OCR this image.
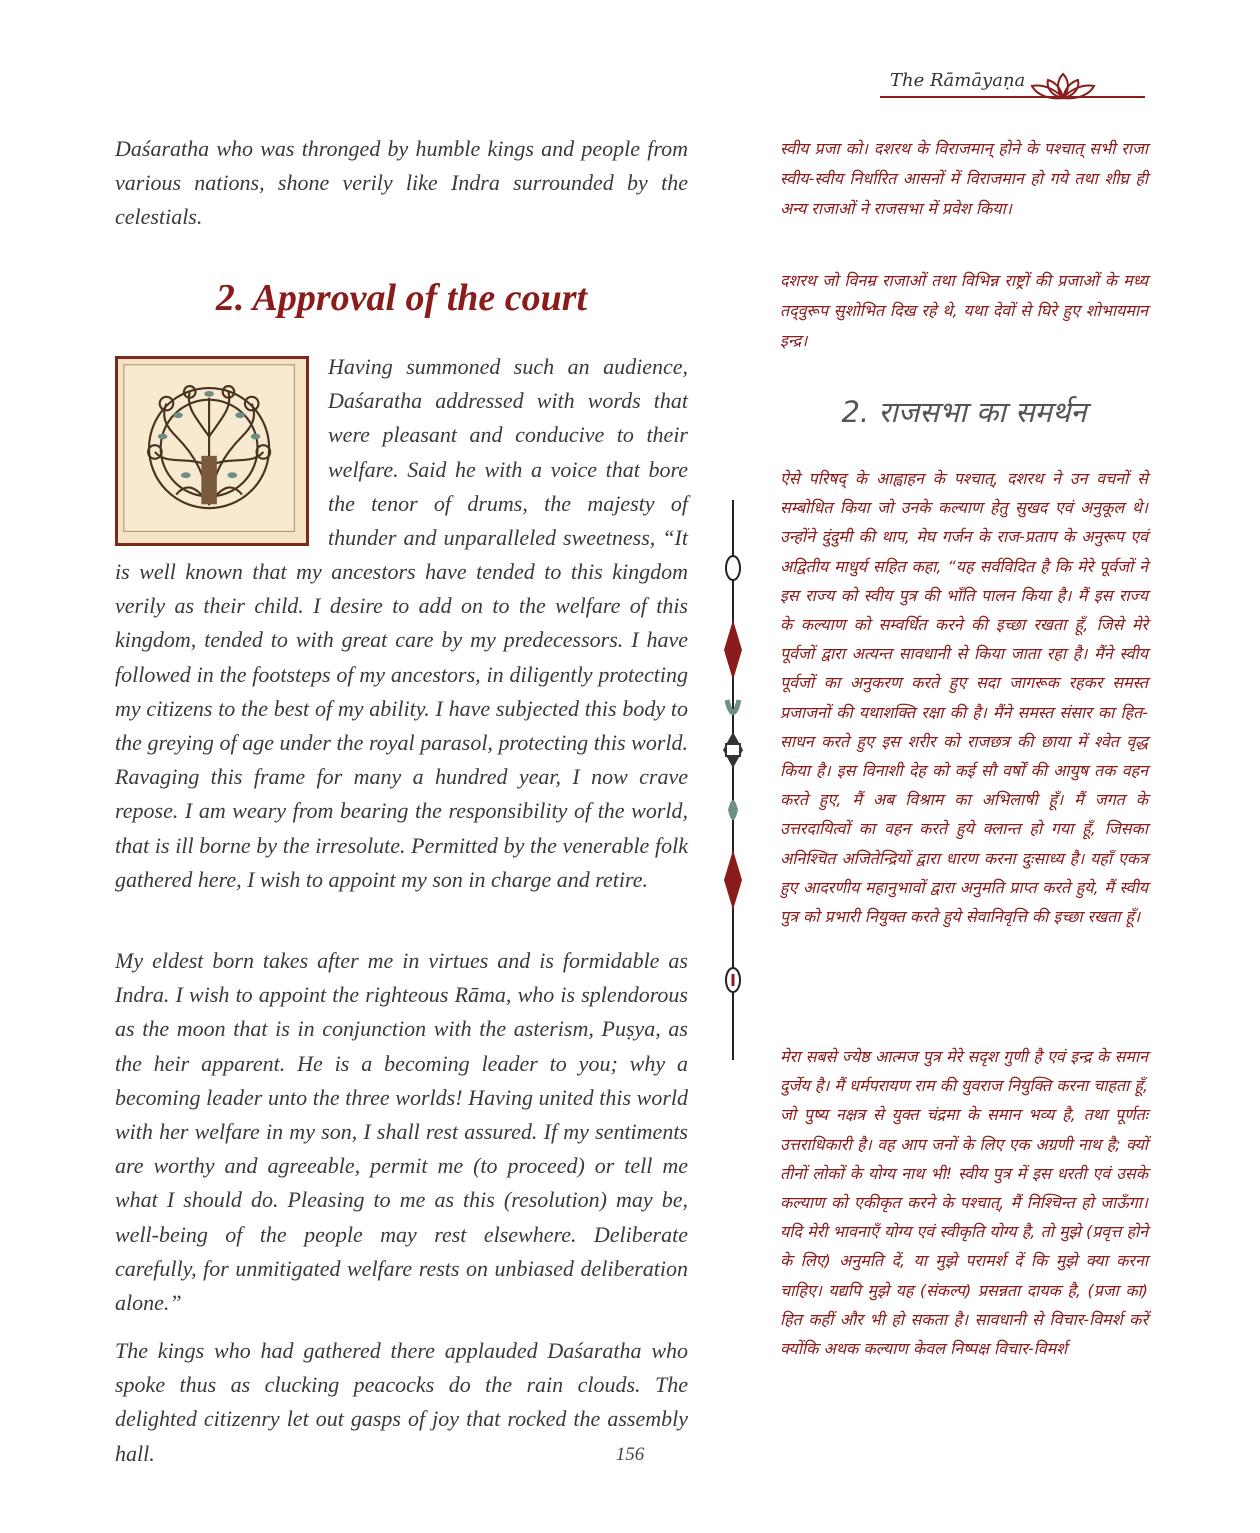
The Rāmāyaṇa

Daśaratha who was thronged by humble kings and people from various nations, shone verily like Indra surrounded by the celestials.

2. Approval of the court
Having summoned such an audience,
Daśaratha addressed with words that
were pleasant and conducive to their
welfare. Said he with a voice that bore
the tenor of drums, the majesty of
thunder and unparalleled sweetness, “It

is well known that my ancestors have tended to this kingdom verily as their child. I desire to add on to the welfare of this kingdom, tended to with great care by my predecessors. I have followed in the footsteps of my ancestors, in diligently protecting my citizens to the best of my ability. I have subjected this body to the greying of age under the royal parasol, protecting this world. Ravaging this frame for many a hundred year, I now crave repose. I am weary from bearing the responsibility of the world, that is ill borne by the irresolute. Permitted by the venerable folk gathered here, I wish to appoint my son in charge and retire.

My eldest born takes after me in virtues and is formidable as Indra. I wish to appoint the righteous Rāma, who is splendorous as the moon that is in conjunction with the asterism, Puṣya, as the heir apparent. He is a becoming leader to you; why a becoming leader unto the three worlds! Having united this world with her welfare in my son, I shall rest assured. If my sentiments are worthy and agreeable, permit me (to proceed) or tell me what I should do. Pleasing to me as this (resolution) may be, well-being of the people may rest elsewhere. Deliberate carefully, for unmitigated welfare rests on unbiased deliberation alone.”

The kings who had gathered there applauded Daśaratha who spoke thus as clucking peacocks do the rain clouds. The delighted citizenry let out gasps of joy that rocked the assembly hall.

स्वीय प्रजा को। दशरथ के विराजमान् होने के पश्चात् सभी राजा स्वीय-स्वीय निर्धारित आसनों में विराजमान हो गये तथा शीघ्र ही अन्य राजाओं ने राजसभा में प्रवेश किया।

दशरथ जो विनम्र राजाओं तथा विभिन्न राष्ट्रों की प्रजाओं के मध्य तद्‌वुरूप सुशोभित दिख रहे थे, यथा देवों से घिरे हुए शोभायमान इन्द्र।

2. राजसभा का समर्थन

ऐसे परिषद् के आह्वाहन के पश्चात्, दशरथ ने उन वचनों से सम्बोधित किया जो उनके कल्याण हेतु सुखद एवं अनुकूल थे। उन्होंने दुंदुमी की थाप, मेघ गर्जन के राज-प्रताप के अनुरूप एवं अद्वितीय माधुर्य सहित कहा, “यह सर्वविदित है कि मेरे पूर्वजों ने इस राज्य को स्वीय पुत्र की भाँति पालन किया है। मैं इस राज्य के कल्याण को सम्वर्धित करने की इच्छा रखता हूँ, जिसे मेरे पूर्वजों द्वारा अत्यन्त सावधानी से किया जाता रहा है। मैंने स्वीय पूर्वजों का अनुकरण करते हुए सदा जागरूक रहकर समस्त प्रजाजनों की यथाशक्ति रक्षा की है। मैंने समस्त संसार का हित-साधन करते हुए इस शरीर को राजछत्र की छाया में श्वेत वृद्ध किया है। इस विनाशी देह को कई सौ वर्षों की आयुष तक वहन करते हुए, मैं अब विश्राम का अभिलाषी हूँ। मैं जगत के उत्तरदायित्वों का वहन करते हुये क्लान्त हो गया हूँ, जिसका अनिश्चित अजितेन्द्रियों द्वारा धारण करना दुःसाध्य है। यहाँ एकत्र हुए आदरणीय महानुभावों द्वारा अनुमति प्राप्त करते हुये, मैं स्वीय पुत्र को प्रभारी नियुक्त करते हुये सेवानिवृत्ति की इच्छा रखता हूँ।

मेरा सबसे ज्येष्ठ आत्मज पुत्र मेरे सदृश गुणी है एवं इन्द्र के समान दुर्जेय है। मैं धर्मपरायण राम की युवराज नियुक्ति करना चाहता हूँ, जो पुष्य नक्षत्र से युक्त चंद्रमा के समान भव्य है, तथा पूर्णतः उत्तराधिकारी है। वह आप जनों के लिए एक अग्रणी नाथ है; क्यों तीनों लोकों के योग्य नाथ भी! स्वीय पुत्र में इस धरती एवं उसके कल्याण को एकीकृत करने के पश्चात्, मैं निश्चिन्त हो जाऊँगा। यदि मेरी भावनाएँ योग्य एवं स्वीकृति योग्य है, तो मुझे (प्रवृत्त होने के लिए) अनुमति दें, या मुझे परामर्श दें कि मुझे क्या करना चाहिए। यद्यपि मुझे यह (संकल्प) प्रसन्नता दायक है, (प्रजा का) हित कहीं और भी हो सकता है। सावधानी से विचार-विमर्श करें क्योंकि अथक कल्याण केवल निष्पक्ष विचार-विमर्श

156
